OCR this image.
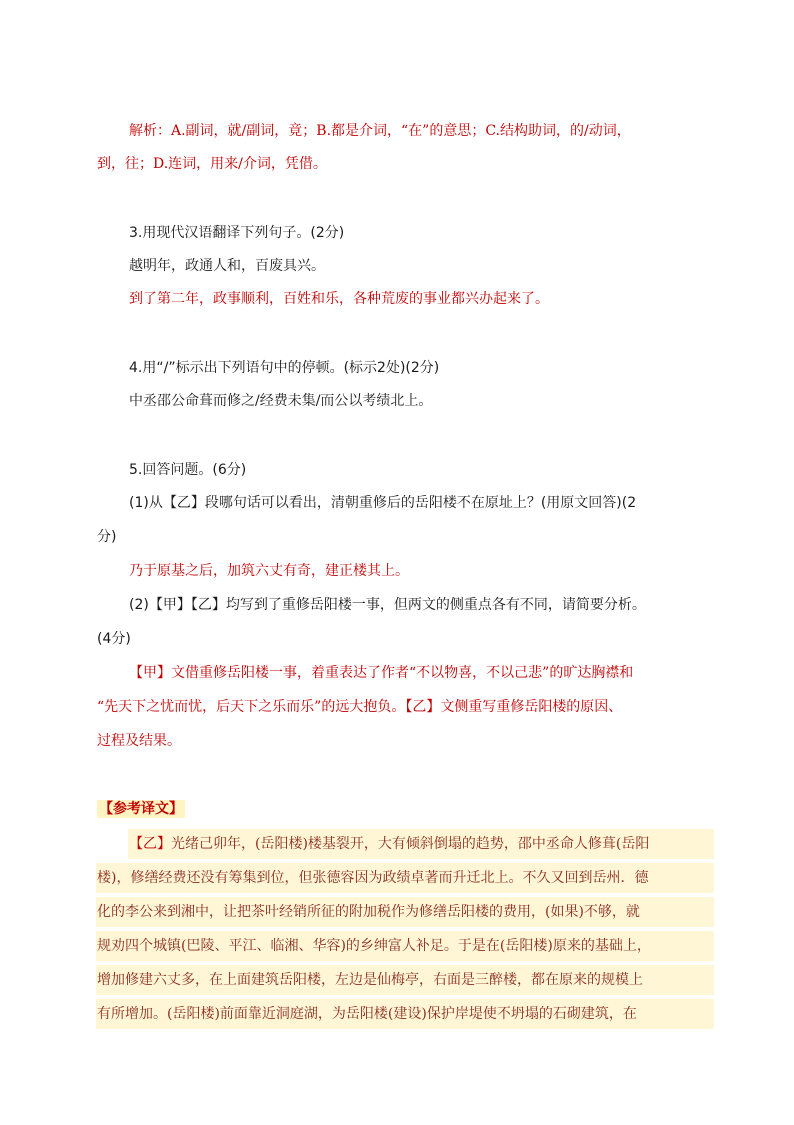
解析：A.副词，就/副词，竟；B.都是介词，“在”的意思；C.结构助词，的/动词，
到，往；D.连词，用来/介词，凭借。
3.用现代汉语翻译下列句子。(2分)
越明年，政通人和，百废具兴。
到了第二年，政事顺利，百姓和乐，各种荒废的事业都兴办起来了。
4.用“/”标示出下列语句中的停顿。(标示2处)(2分)
中丞邵公命葺而修之/经费未集/而公以考绩北上。
5.回答问题。(6分)
(1)从【乙】段哪句话可以看出，清朝重修后的岳阳楼不在原址上？(用原文回答)(2
分)
乃于原基之后，加筑六丈有奇，建正楼其上。
(2)【甲】【乙】均写到了重修岳阳楼一事，但两文的侧重点各有不同，请简要分析。
(4分)
【甲】文借重修岳阳楼一事，着重表达了作者“不以物喜，不以己悲”的旷达胸襟和
“先天下之忧而忧，后天下之乐而乐”的远大抱负。【乙】文侧重写重修岳阳楼的原因、
过程及结果。
【参考译文】
【乙】光绪己卯年，(岳阳楼)楼基裂开，大有倾斜倒塌的趋势，邵中丞命人修葺(岳阳
楼)，修缮经费还没有筹集到位，但张德容因为政绩卓著而升迁北上。不久又回到岳州．德
化的李公来到湘中，让把茶叶经销所征的附加税作为修缮岳阳楼的费用，(如果)不够，就
规劝四个城镇(巴陵、平江、临湘、华容)的乡绅富人补足。于是在(岳阳楼)原来的基础上，
增加修建六丈多，在上面建筑岳阳楼，左边是仙梅亭，右面是三醉楼，都在原来的规模上
有所增加。(岳阳楼)前面靠近洞庭湖，为岳阳楼(建设)保护岸堤使不坍塌的石砌建筑，在
